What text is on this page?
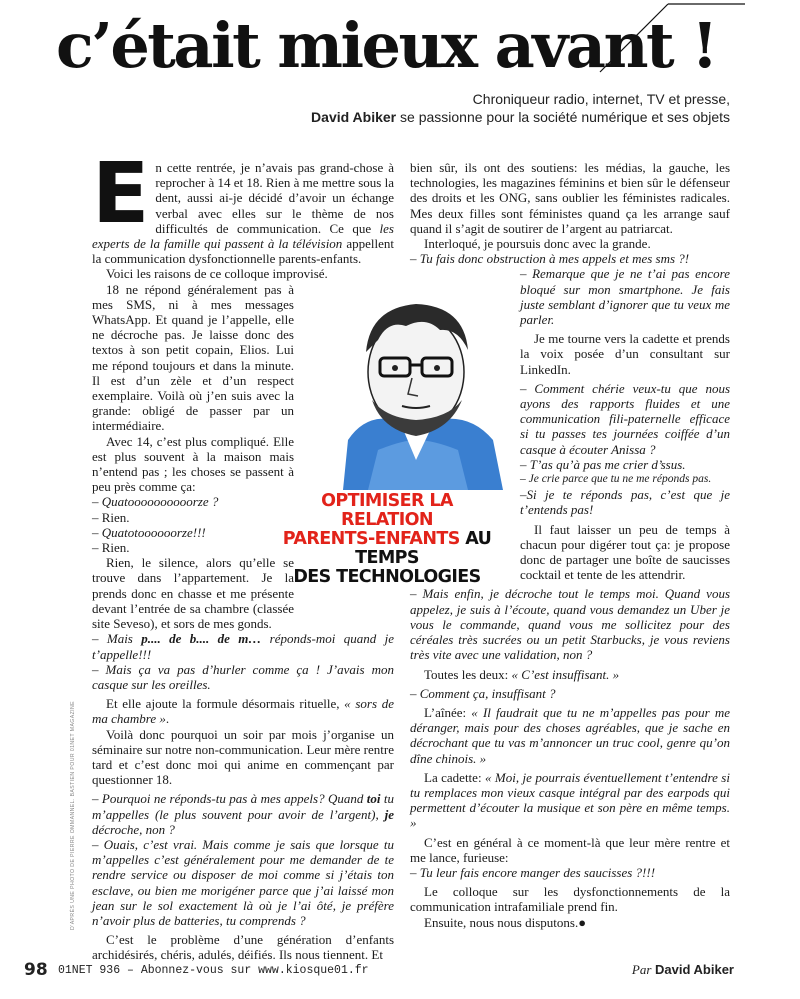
c’était mieux avant !
Chroniqueur radio, internet, TV et presse,
David Abiker se passionne pour la société numérique et ses objets

En cette rentrée, je n’avais pas grand-chose à reprocher à 14 et 18. Rien à me mettre sous la dent, aussi ai-je décidé d’avoir un échange verbal avec elles sur le thème de nos difficultés de communication. Ce que les experts de la famille qui passent à la télévision appellent la communication dysfonctionnelle parents-enfants.

Voici les raisons de ce colloque improvisé.

18 ne répond généralement pas à mes SMS, ni à mes messages WhatsApp. Et quand je l’appelle, elle ne décroche pas. Je laisse donc des textos à son petit copain, Elios. Lui me répond toujours et dans la minute. Il est d’un zèle et d’un respect exemplaire. Voilà où j’en suis avec la grande: obligé de passer par un intermédiaire.

Avec 14, c’est plus compliqué. Elle est plus souvent à la maison mais n’entend pas ; les choses se passent à peu près comme ça:

– Quatoooooooooorze ?

– Rien.

– Quatotoooooorze!!!

– Rien.

Rien, le silence, alors qu’elle se trouve dans l’appartement. Je la prends donc en chasse et me présente devant l’entrée de sa chambre (classée site Seveso), et sors de mes gonds.

– Mais p.... de b.... de m… réponds-moi quand je t’appelle!!!

– Mais ça va pas d’hurler comme ça ! J’avais mon casque sur les oreilles.

Et elle ajoute la formule désormais rituelle, « sors de ma chambre ».

Voilà donc pourquoi un soir par mois j’organise un séminaire sur notre non-communication. Leur mère rentre tard et c’est donc moi qui anime en commençant par questionner 18.

– Pourquoi ne réponds-tu pas à mes appels? Quand toi tu m’appelles (le plus souvent pour avoir de l’argent), je décroche, non ?

– Ouais, c’est vrai. Mais comme je sais que lorsque tu m’appelles c’est généralement pour me demander de te rendre service ou disposer de moi comme si j’étais ton esclave, ou bien me morigéner parce que j’ai laissé mon jean sur le sol exactement là où je l’ai ôté, je préfère n’avoir plus de batteries, tu comprends ?

C’est le problème d’une génération d’enfants archidésirés, chéris, adulés, déifiés. Ils nous tiennent. Et

bien sûr, ils ont des soutiens: les médias, la gauche, les technologies, les magazines féminins et bien sûr le défenseur des droits et les ONG, sans oublier les féministes radicales. Mes deux filles sont féministes quand ça les arrange sauf quand il s’agit de soutirer de l’argent au patriarcat.

Interloqué, je poursuis donc avec la grande.

– Tu fais donc obstruction à mes appels et mes sms ?!

– Remarque que je ne t’ai pas encore bloqué sur mon smartphone. Je fais juste semblant d’ignorer que tu veux me parler.

Je me tourne vers la cadette et prends la voix posée d’un consultant sur LinkedIn.

– Comment chérie veux-tu que nous ayons des rapports fluides et une communication fili-paternelle efficace si tu passes tes journées coiffée d’un casque à écouter Anissa ?

– T’as qu’à pas me crier d’ssus.

– Je crie parce que tu ne me réponds pas.

–Si je te réponds pas, c’est que je t’entends pas!

Il faut laisser un peu de temps à chacun pour digérer tout ça: je propose donc de partager une boîte de saucisses cocktail et tente de les attendrir.

– Mais enfin, je décroche tout le temps moi. Quand vous appelez, je suis à l’écoute, quand vous demandez un Uber je vous le commande, quand vous me sollicitez pour des céréales très sucrées ou un petit Starbucks, je vous reviens très vite avec une validation, non ?

Toutes les deux: « C’est insuffisant. »

– Comment ça, insuffisant ?

L’aînée: « Il faudrait que tu ne m’appelles pas pour me déranger, mais pour des choses agréables, que je sache en décrochant que tu vas m’annoncer un truc cool, genre qu’on dîne chinois. »

La cadette: « Moi, je pourrais éventuellement t’entendre si tu remplaces mon vieux casque intégral par des earpods qui permettent d’écouter la musique et son père en même temps. »

C’est en général à ce moment-là que leur mère rentre et me lance, furieuse:

– Tu leur fais encore manger des saucisses ?!!!

Le colloque sur les dysfonctionnements de la communication intrafamiliale prend fin.

Ensuite, nous nous disputons.●

OPTIMISER LA RELATION
PARENTS-ENFANTS AU TEMPS
DES TECHNOLOGIES
D’APRÈS UNE PHOTO DE PIERRE OMMANNEL. BASTIEN POUR 01NET MAGAZINE
98 01NET 936 – Abonnez-vous sur www.kiosque01.fr	Par David Abiker
